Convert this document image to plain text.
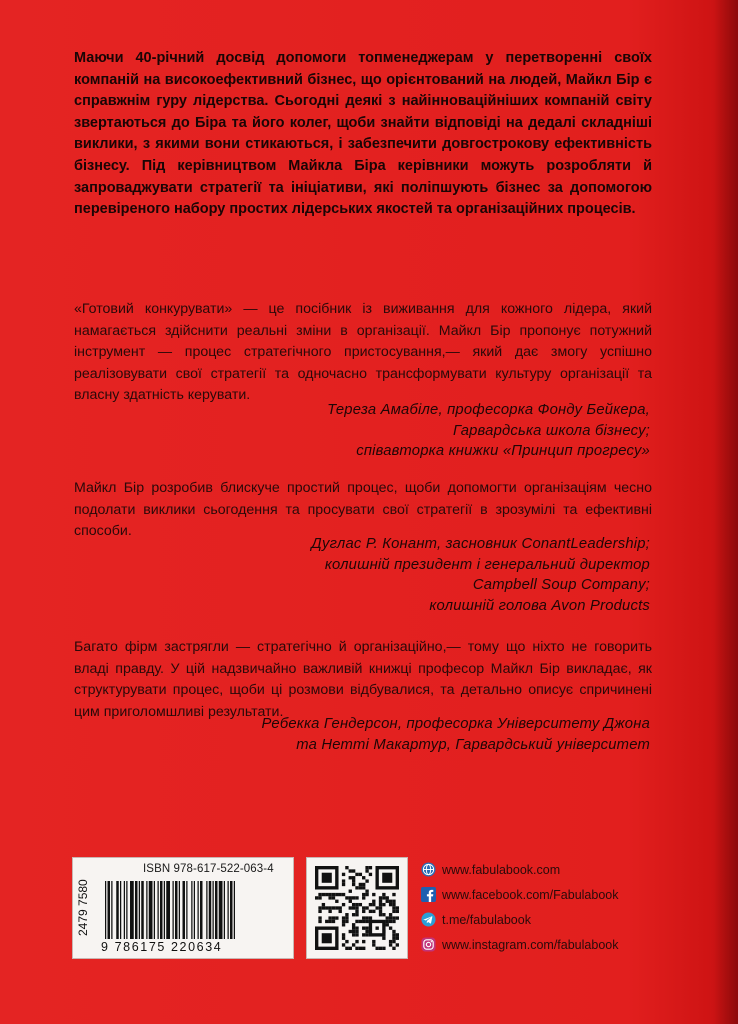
Маючи 40-річний досвід допомоги топменеджерам у перетворенні своїх компаній на високоефективний бізнес, що орієнтований на людей, Майкл Бір є справжнім гуру лідерства. Сьогодні деякі з найінноваційніших компаній світу звертаються до Біра та його колег, щоби знайти відповіді на дедалі складніші виклики, з якими вони стикаються, і забезпечити довгострокову ефективність бізнесу. Під керівництвом Майкла Біра керівники можуть розробляти й запроваджувати стратегії та ініціативи, які поліпшують бізнес за допомогою перевіреного набору простих лідерських якостей та організаційних процесів.

«Готовий конкурувати» — це посібник із виживання для кожного лідера, який намагається здійснити реальні зміни в організації. Майкл Бір пропонує потужний інструмент — процес стратегічного пристосування,— який дає змогу успішно реалізовувати свої стратегії та одночасно трансформувати культуру організації та власну здатність керувати.

Тереза Амабіле, професорка Фонду Бейкера,
Гарвардська школа бізнесу;
співавторка книжки «Принцип прогресу»

Майкл Бір розробив блискуче простий процес, щоби допомогти організаціям чесно подолати виклики сьогодення та просувати свої стратегії в зрозумілі та ефективні способи.

Дуглас Р. Конант, засновник ConantLeadership;
колишній президент і генеральний директор
Campbell Soup Company;
колишній голова Avon Products

Багато фірм застрягли — стратегічно й організаційно,— тому що ніхто не говорить владі правду. У цій надзвичайно важливій книжці професор Майкл Бір викладає, як структурувати процес, щоби ці розмови відбувалися, та детально описує спричинені цим приголомшливі результати.

Ребекка Гендерсон, професорка Університету Джона
та Нетті Макартур, Гарвардський університет
2479 7580
ISBN 978-617-522-063-4
9 786175 220634
www.fabulabook.com
www.facebook.com/Fabulabook
t.me/fabulabook
www.instagram.com/fabulabook
